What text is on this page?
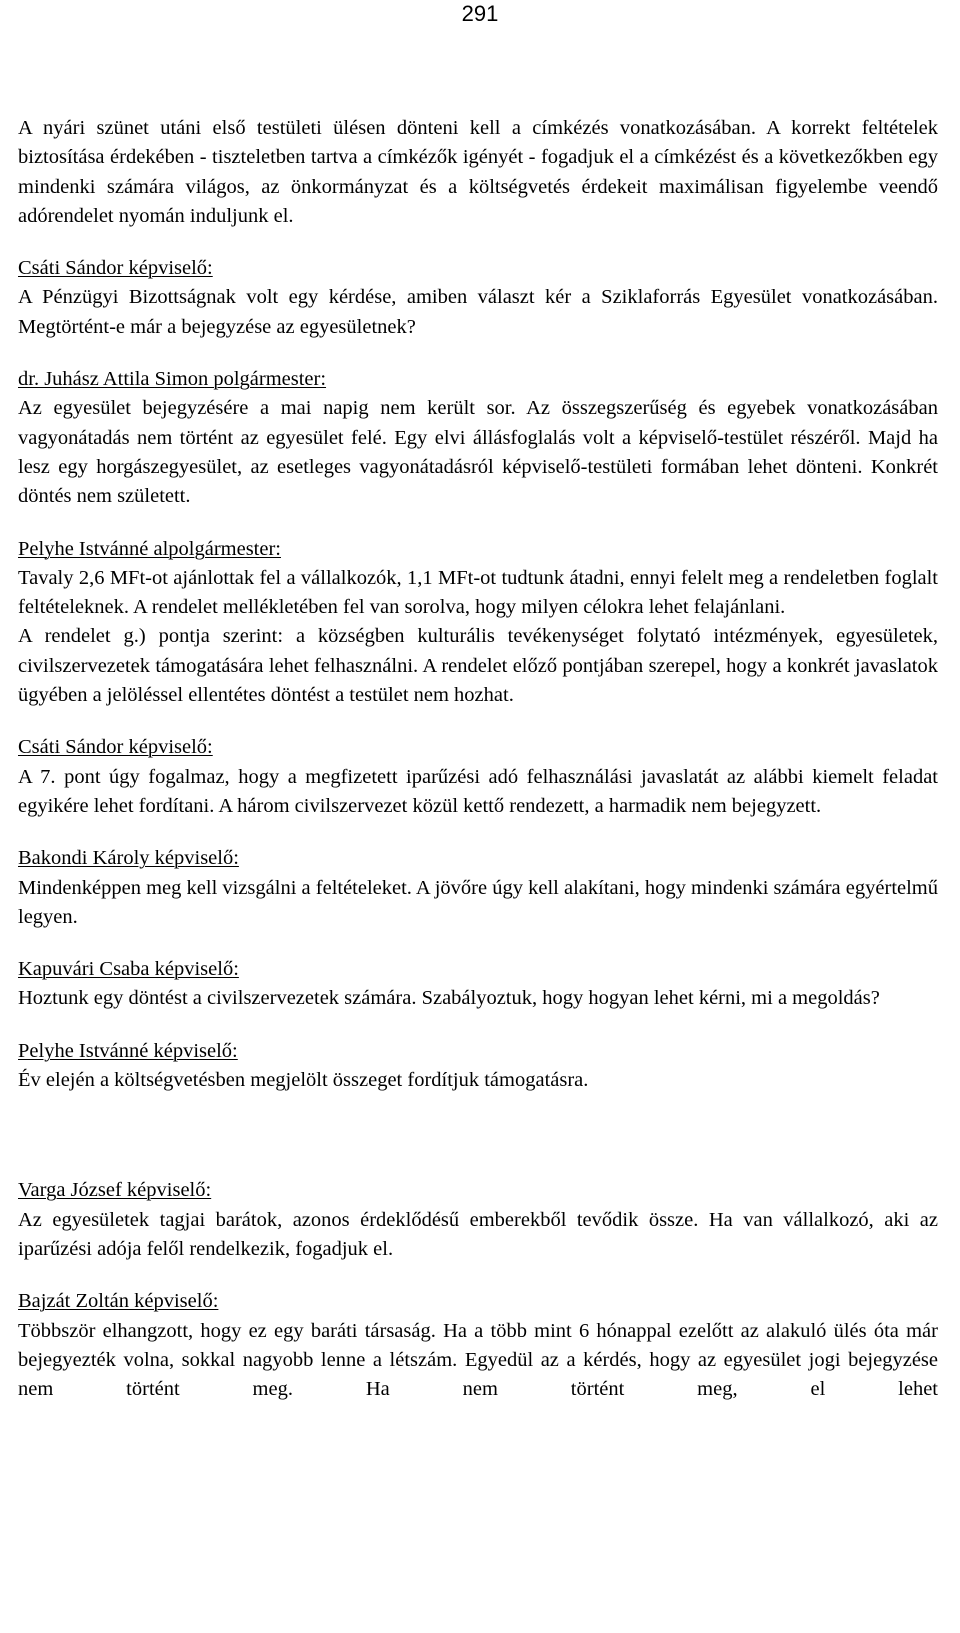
291

A nyári szünet utáni első testületi ülésen dönteni kell a címkézés vonatkozásában. A korrekt feltételek biztosítása érdekében - tiszteletben tartva a címkézők igényét - fogadjuk el a címkézést és a következőkben egy mindenki számára világos, az önkormányzat és a költségvetés érdekeit maximálisan figyelembe veendő adórendelet nyomán induljunk el.

Csáti Sándor képviselő:

A Pénzügyi Bizottságnak volt egy kérdése, amiben választ kér a Sziklaforrás Egyesület vonatkozásában. Megtörtént-e már a bejegyzése az egyesületnek?

dr. Juhász Attila Simon polgármester:

Az egyesület bejegyzésére a mai napig nem került sor. Az összegszerűség és egyebek vonatkozásában vagyonátadás nem történt az egyesület felé. Egy elvi állásfoglalás volt a képviselő-testület részéről. Majd ha lesz egy horgászegyesület, az esetleges vagyonátadásról képviselő-testületi formában lehet dönteni. Konkrét döntés nem született.

Pelyhe Istvánné alpolgármester:

Tavaly 2,6 MFt-ot ajánlottak fel a vállalkozók, 1,1 MFt-ot tudtunk átadni, ennyi felelt meg a rendeletben foglalt feltételeknek. A rendelet mellékletében fel van sorolva, hogy milyen célokra lehet felajánlani.

A rendelet g.) pontja szerint: a községben kulturális tevékenységet folytató intézmények, egyesületek, civilszervezetek támogatására lehet felhasználni. A rendelet előző pontjában szerepel, hogy a konkrét javaslatok ügyében a jelöléssel ellentétes döntést a testület nem hozhat.

Csáti Sándor képviselő:

A 7. pont úgy fogalmaz, hogy a megfizetett iparűzési adó felhasználási javaslatát az alábbi kiemelt feladat egyikére lehet fordítani. A három civilszervezet közül kettő rendezett, a harmadik nem bejegyzett.

Bakondi Károly képviselő:

Mindenképpen meg kell vizsgálni a feltételeket. A jövőre úgy kell alakítani, hogy mindenki számára egyértelmű legyen.

Kapuvári Csaba képviselő:

Hoztunk egy döntést a civilszervezetek számára. Szabályoztuk, hogy hogyan lehet kérni, mi a megoldás?

Pelyhe Istvánné képviselő:

Év elején a költségvetésben megjelölt összeget fordítjuk támogatásra.

Varga József képviselő:

Az egyesületek tagjai barátok, azonos érdeklődésű emberekből tevődik össze. Ha van vállalkozó, aki az iparűzési adója felől rendelkezik, fogadjuk el.

Bajzát Zoltán képviselő:

Többször elhangzott, hogy ez egy baráti társaság. Ha a több mint 6 hónappal ezelőtt az alakuló ülés óta már bejegyezték volna, sokkal nagyobb lenne a létszám. Egyedül az a kérdés, hogy az egyesület jogi bejegyzése nem történt meg. Ha nem történt meg, el lehet
